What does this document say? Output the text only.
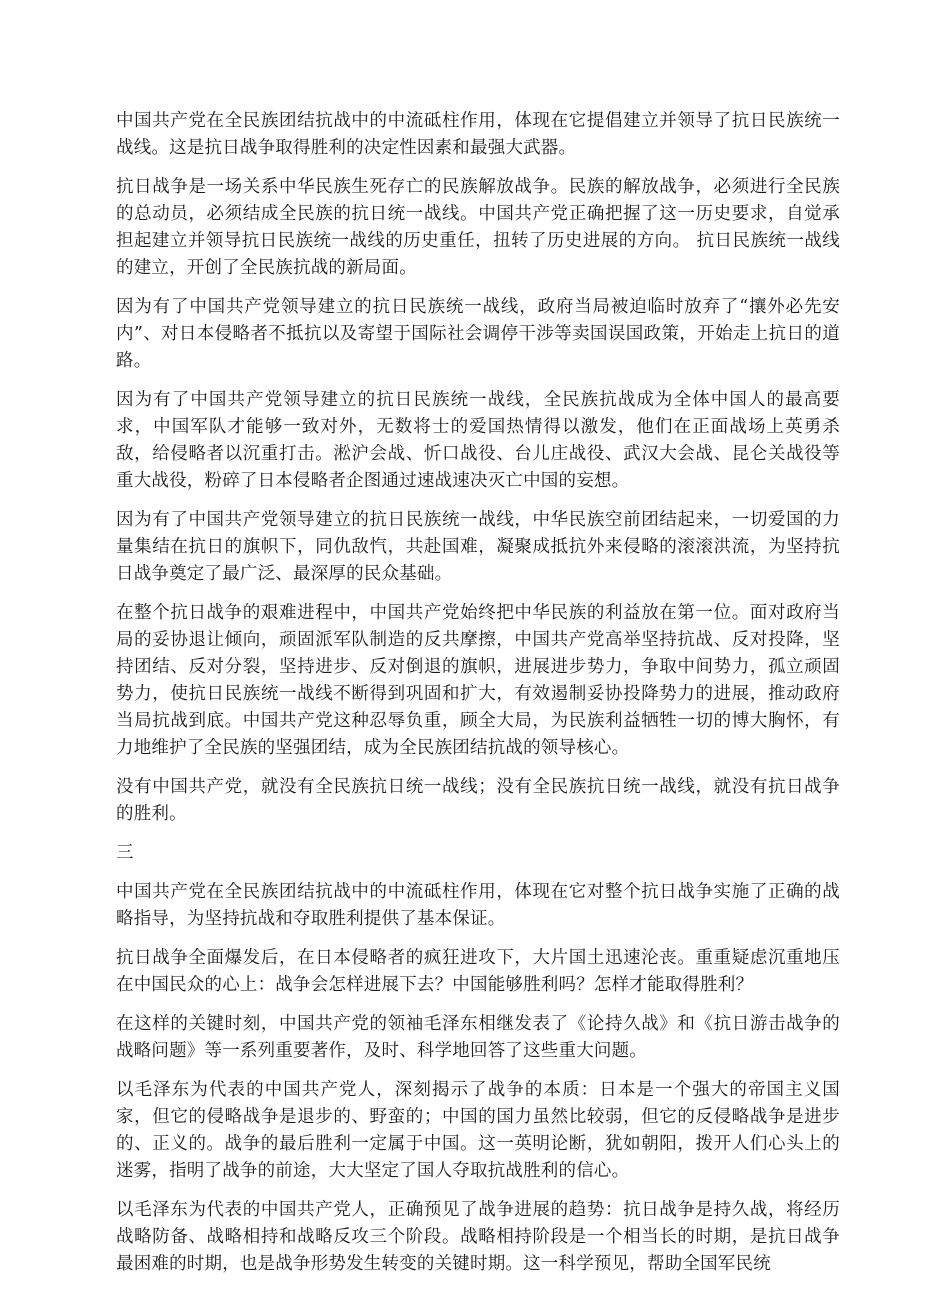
中国共产党在全民族团结抗战中的中流砥柱作用，体现在它提倡建立并领导了抗日民族统一战线。这是抗日战争取得胜利的决定性因素和最强大武器。

抗日战争是一场关系中华民族生死存亡的民族解放战争。民族的解放战争，必须进行全民族的总动员，必须结成全民族的抗日统一战线。中国共产党正确把握了这一历史要求，自觉承担起建立并领导抗日民族统一战线的历史重任，扭转了历史进展的方向。 抗日民族统一战线的建立，开创了全民族抗战的新局面。

因为有了中国共产党领导建立的抗日民族统一战线，政府当局被迫临时放弃了“攘外必先安内”、对日本侵略者不抵抗以及寄望于国际社会调停干涉等卖国误国政策，开始走上抗日的道路。

因为有了中国共产党领导建立的抗日民族统一战线，全民族抗战成为全体中国人的最高要求，中国军队才能够一致对外，无数将士的爱国热情得以激发，他们在正面战场上英勇杀敌，给侵略者以沉重打击。淞沪会战、忻口战役、台儿庄战役、武汉大会战、昆仑关战役等重大战役，粉碎了日本侵略者企图通过速战速决灭亡中国的妄想。

因为有了中国共产党领导建立的抗日民族统一战线，中华民族空前团结起来，一切爱国的力量集结在抗日的旗帜下，同仇敌忾，共赴国难，凝聚成抵抗外来侵略的滚滚洪流，为坚持抗日战争奠定了最广泛、最深厚的民众基础。

在整个抗日战争的艰难进程中，中国共产党始终把中华民族的利益放在第一位。面对政府当局的妥协退让倾向，顽固派军队制造的反共摩擦，中国共产党高举坚持抗战、反对投降，坚持团结、反对分裂，坚持进步、反对倒退的旗帜，进展进步势力，争取中间势力，孤立顽固势力，使抗日民族统一战线不断得到巩固和扩大，有效遏制妥协投降势力的进展，推动政府当局抗战到底。中国共产党这种忍辱负重，顾全大局，为民族利益牺牲一切的博大胸怀，有力地维护了全民族的坚强团结，成为全民族团结抗战的领导核心。

没有中国共产党，就没有全民族抗日统一战线；没有全民族抗日统一战线，就没有抗日战争的胜利。

三

中国共产党在全民族团结抗战中的中流砥柱作用，体现在它对整个抗日战争实施了正确的战略指导，为坚持抗战和夺取胜利提供了基本保证。

抗日战争全面爆发后，在日本侵略者的疯狂进攻下，大片国土迅速沦丧。重重疑虑沉重地压在中国民众的心上：战争会怎样进展下去？中国能够胜利吗？怎样才能取得胜利？

在这样的关键时刻，中国共产党的领袖毛泽东相继发表了《论持久战》和《抗日游击战争的战略问题》等一系列重要著作，及时、科学地回答了这些重大问题。

以毛泽东为代表的中国共产党人，深刻揭示了战争的本质：日本是一个强大的帝国主义国家，但它的侵略战争是退步的、野蛮的；中国的国力虽然比较弱，但它的反侵略战争是进步的、正义的。战争的最后胜利一定属于中国。这一英明论断，犹如朝阳，拨开人们心头上的迷雾，指明了战争的前途，大大坚定了国人夺取抗战胜利的信心。

以毛泽东为代表的中国共产党人，正确预见了战争进展的趋势：抗日战争是持久战，将经历战略防备、战略相持和战略反攻三个阶段。战略相持阶段是一个相当长的时期，是抗日战争最困难的时期，也是战争形势发生转变的关键时期。这一科学预见，帮助全国军民统
